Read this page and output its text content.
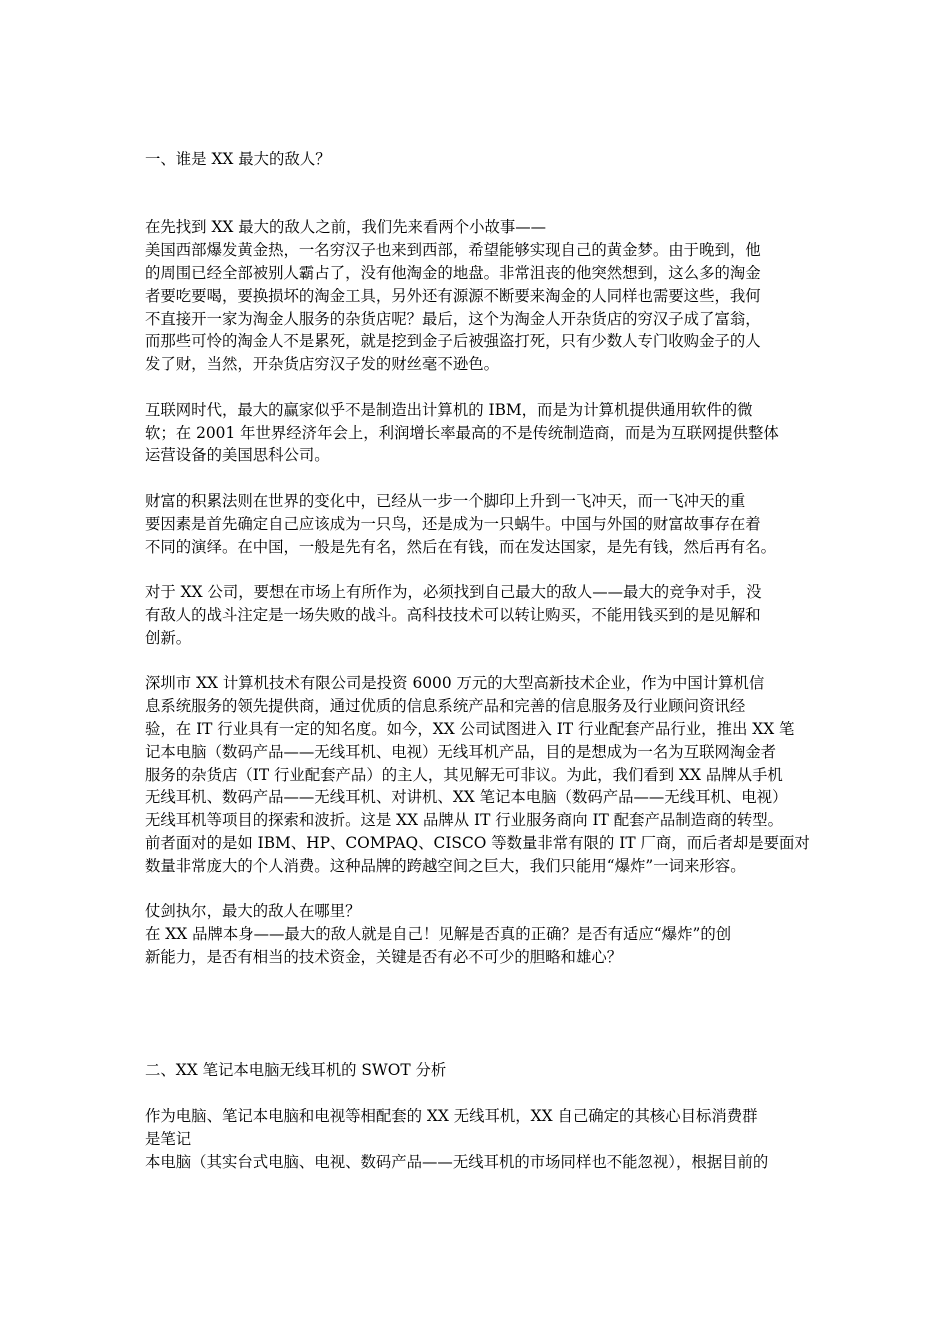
一、谁是 XX 最大的敌人？
在先找到 XX 最大的敌人之前，我们先来看两个小故事——
美国西部爆发黄金热，一名穷汉子也来到西部，希望能够实现自己的黄金梦。由于晚到，他
的周围已经全部被别人霸占了，没有他淘金的地盘。非常沮丧的他突然想到，这么多的淘金
者要吃要喝，要换损坏的淘金工具，另外还有源源不断要来淘金的人同样也需要这些，我何
不直接开一家为淘金人服务的杂货店呢？最后，这个为淘金人开杂货店的穷汉子成了富翁，
而那些可怜的淘金人不是累死，就是挖到金子后被强盗打死，只有少数人专门收购金子的人
发了财，当然，开杂货店穷汉子发的财丝毫不逊色。
互联网时代，最大的赢家似乎不是制造出计算机的 IBM，而是为计算机提供通用软件的微
软；在 2001 年世界经济年会上，利润增长率最高的不是传统制造商，而是为互联网提供整体
运营设备的美国思科公司。
财富的积累法则在世界的变化中，已经从一步一个脚印上升到一飞冲天，而一飞冲天的重
要因素是首先确定自己应该成为一只鸟，还是成为一只蜗牛。中国与外国的财富故事存在着
不同的演绎。在中国，一般是先有名，然后在有钱，而在发达国家，是先有钱，然后再有名。
对于 XX 公司，要想在市场上有所作为，必须找到自己最大的敌人——最大的竞争对手，没
有敌人的战斗注定是一场失败的战斗。高科技技术可以转让购买，不能用钱买到的是见解和
创新。
深圳市 XX 计算机技术有限公司是投资 6000 万元的大型高新技术企业，作为中国计算机信
息系统服务的领先提供商，通过优质的信息系统产品和完善的信息服务及行业顾问资讯经
验，在 IT 行业具有一定的知名度。如今，XX 公司试图进入 IT 行业配套产品行业，推出 XX 笔
记本电脑（数码产品——无线耳机、电视）无线耳机产品，目的是想成为一名为互联网淘金者
服务的杂货店（IT 行业配套产品）的主人，其见解无可非议。为此，我们看到 XX 品牌从手机
无线耳机、数码产品——无线耳机、对讲机、XX 笔记本电脑（数码产品——无线耳机、电视）
无线耳机等项目的探索和波折。这是 XX 品牌从 IT 行业服务商向 IT 配套产品制造商的转型。
前者面对的是如 IBM、HP、COMPAQ、CISCO 等数量非常有限的 IT 厂商，而后者却是要面对
数量非常庞大的个人消费。这种品牌的跨越空间之巨大，我们只能用“爆炸”一词来形容。
仗剑执尔，最大的敌人在哪里？
在 XX 品牌本身——最大的敌人就是自己！见解是否真的正确？是否有适应“爆炸”的创
新能力，是否有相当的技术资金，关键是否有必不可少的胆略和雄心？
二、XX 笔记本电脑无线耳机的 SWOT 分析
作为电脑、笔记本电脑和电视等相配套的 XX 无线耳机，XX 自己确定的其核心目标消费群
是笔记
本电脑（其实台式电脑、电视、数码产品——无线耳机的市场同样也不能忽视），根据目前的
